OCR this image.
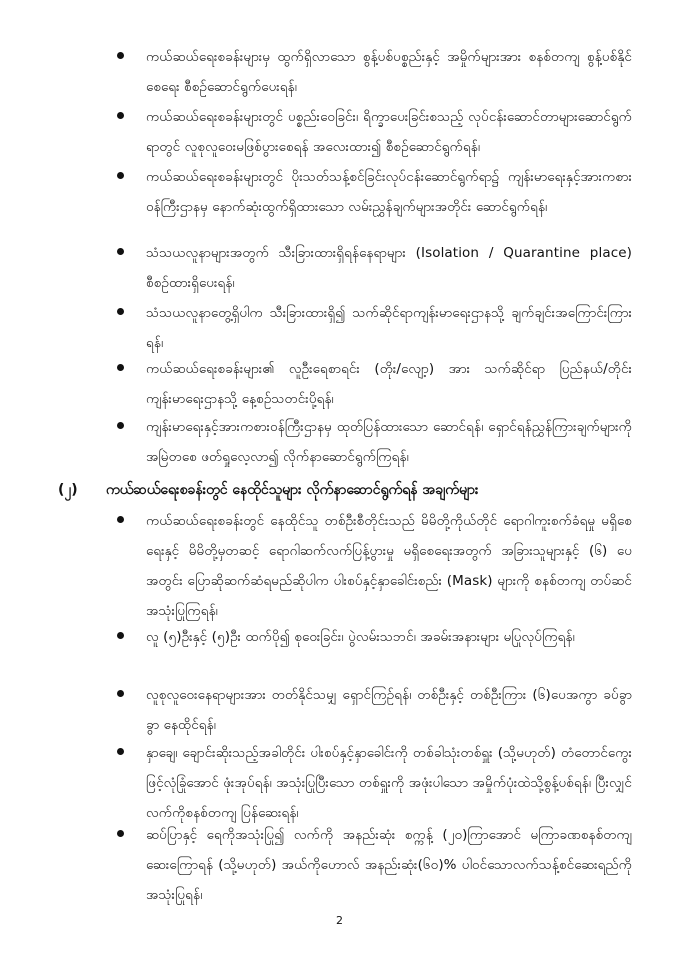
ကယ်ဆယ်ရေးစခန်းများမှ ထွက်ရှိလာသော စွန့်ပစ်ပစ္စည်းနှင့် အမှိုက်များအား စနစ်တကျ စွန့်ပစ်နိုင်စေရေး စီစဉ်ဆောင်ရွက်ပေးရန်၊
ကယ်ဆယ်ရေးစခန်းများတွင် ပစ္စည်းဝေခြင်း၊ ရိက္ခာပေးခြင်းစသည့် လုပ်ငန်းဆောင်တာများဆောင်ရွက်ရာတွင် လူစုလူဝေးမဖြစ်ပွားစေရန် အလေးထား၍ စီစဉ်ဆောင်ရွက်ရန်၊
ကယ်ဆယ်ရေးစခန်းများတွင် ပိုးသတ်သန့်စင်ခြင်းလုပ်ငန်းဆောင်ရွက်ရာ၌ ကျန်းမာရေးနှင့်အားကစားဝန်ကြီးဌာနမှ နောက်ဆုံးထွက်ရှိထားသော လမ်းညွှန်ချက်များအတိုင်း ဆောင်ရွက်ရန်၊
သံသယလူနာများအတွက် သီးခြားထားရှိရန်နေရာများ (Isolation / Quarantine place) စီစဉ်ထားရှိပေးရန်၊
သံသယလူနာတွေ့ရှိပါက သီးခြားထားရှိ၍ သက်ဆိုင်ရာကျန်းမာရေးဌာနသို့ ချက်ချင်းအကြောင်းကြားရန်၊
ကယ်ဆယ်ရေးစခန်းများ၏ လူဦးရေစာရင်း (တိုး/လျော့) အား သက်ဆိုင်ရာ ပြည်နယ်/တိုင်းကျန်းမာရေးဌာနသို့ နေ့စဉ်သတင်းပို့ရန်၊
ကျန်းမာရေးနှင့်အားကစားဝန်ကြီးဌာနမှ ထုတ်ပြန်ထားသော ဆောင်ရန်၊ ရှောင်ရန်ညွှန်ကြားချက်များကို အမြဲတစေ ဖတ်ရှုလေ့လာ၍ လိုက်နာဆောင်ရွက်ကြရန်၊
(၂) ကယ်ဆယ်ရေးစခန်းတွင် နေထိုင်သူများ လိုက်နာဆောင်ရွက်ရန် အချက်များ
ကယ်ဆယ်ရေးစခန်းတွင် နေထိုင်သူ တစ်ဦးစီတိုင်းသည် မိမိတို့ကိုယ်တိုင် ရောဂါကူးစက်ခံရမှု မရှိစေရေးနှင့် မိမိတို့မှတဆင့် ရောဂါဆက်လက်ပြန့်ပွားမှု မရှိစေရေးအတွက် အခြားသူများနှင့် (၆) ပေအတွင်း ပြောဆိုဆက်ဆံရမည်ဆိုပါက ပါးစပ်နှင့်နှာခေါင်းစည်း (Mask) များကို စနစ်တကျ တပ်ဆင်အသုံးပြုကြရန်၊
လူ (၅)ဦးနှင့် (၅)ဦး ထက်ပို၍ စုဝေးခြင်း၊ ပွဲလမ်းသဘင်၊ အခမ်းအနားများ မပြုလုပ်ကြရန်၊
လူစုလူဝေးနေရာများအား တတ်နိုင်သမျှ ရှောင်ကြဉ်ရန်၊ တစ်ဦးနှင့် တစ်ဦးကြား (၆)ပေအကွာ ခပ်ခွာခွာ နေထိုင်ရန်၊
နှာချေ၊ ချောင်းဆိုးသည့်အခါတိုင်း ပါးစပ်နှင့်နှာခေါင်းကို တစ်ခါသုံးတစ်ရှူး (သို့မဟုတ်) တံတောင်ကွေးဖြင့်လုံခြုံအောင် ဖုံးအုပ်ရန်၊ အသုံးပြုပြီးသော တစ်ရှူးကို အဖုံးပါသော အမှိုက်ပုံးထဲသို့စွန့်ပစ်ရန်၊ ပြီးလျှင်လက်ကိုစနစ်တကျ ပြန်ဆေးရန်၊
ဆပ်ပြာနှင့် ရေကိုအသုံးပြု၍ လက်ကို အနည်းဆုံး စက္ကန့် (၂၀)ကြာအောင် မကြာခဏစနစ်တကျ ဆေးကြောရန် (သို့မဟုတ်) အယ်ကိုဟောလ် အနည်းဆုံး(၆၀)% ပါဝင်သောလက်သန့်စင်ဆေးရည်ကို အသုံးပြုရန်၊
2
